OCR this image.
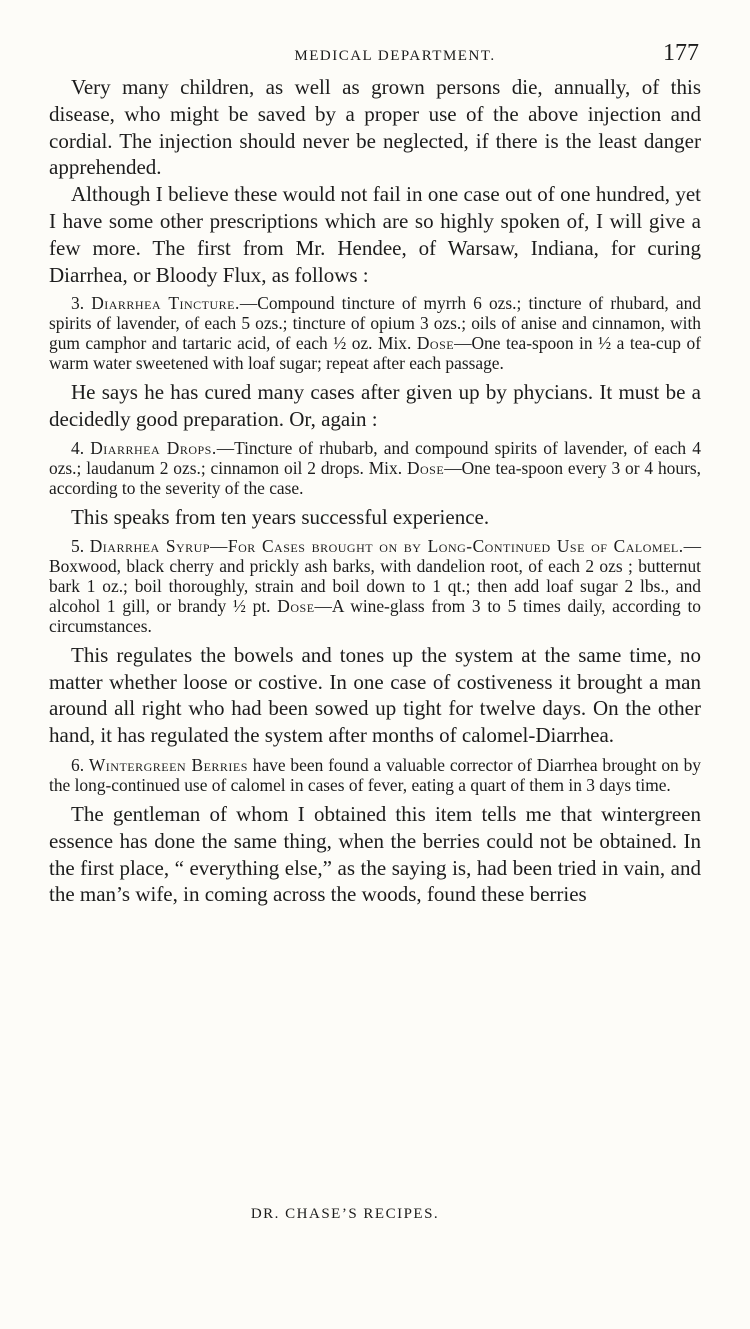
MEDICAL DEPARTMENT.	177

Very many children, as well as grown persons die, annually, of this disease, who might be saved by a proper use of the above injection and cordial. The injection should never be neglected, if there is the least danger apprehended.

Although I believe these would not fail in one case out of one hundred, yet I have some other prescriptions which are so highly spoken of, I will give a few more. The first from Mr. Hendee, of Warsaw, Indiana, for curing Diarrhea, or Bloody Flux, as follows :

3. Diarrhea Tincture.—Compound tincture of myrrh 6 ozs.; tincture of rhubard, and spirits of lavender, of each 5 ozs.; tincture of opium 3 ozs.; oils of anise and cinnamon, with gum camphor and tartaric acid, of each ½ oz. Mix. Dose—One tea-spoon in ½ a tea-cup of warm water sweetened with loaf sugar; repeat after each passage.

He says he has cured many cases after given up by phycians. It must be a decidedly good preparation. Or, again :

4. Diarrhea Drops.—Tincture of rhubarb, and compound spirits of lavender, of each 4 ozs.; laudanum 2 ozs.; cinnamon oil 2 drops. Mix. Dose—One tea-spoon every 3 or 4 hours, according to the severity of the case.

This speaks from ten years successful experience.

5. Diarrhea Syrup—For Cases brought on by Long-Continued Use of Calomel.—Boxwood, black cherry and prickly ash barks, with dandelion root, of each 2 ozs ; butternut bark 1 oz.; boil thoroughly, strain and boil down to 1 qt.; then add loaf sugar 2 lbs., and alcohol 1 gill, or brandy ½ pt. Dose—A wine-glass from 3 to 5 times daily, according to circumstances.

This regulates the bowels and tones up the system at the same time, no matter whether loose or costive. In one case of costiveness it brought a man around all right who had been sowed up tight for twelve days. On the other hand, it has regulated the system after months of calomel-Diarrhea.

6. Wintergreen Berries have been found a valuable corrector of Diarrhea brought on by the long-continued use of calomel in cases of fever, eating a quart of them in 3 days time.

The gentleman of whom I obtained this item tells me that wintergreen essence has done the same thing, when the berries could not be obtained. In the first place, “ everything else,” as the saying is, had been tried in vain, and the man’s wife, in coming across the woods, found these berries

DR. CHASE’S RECIPES.
